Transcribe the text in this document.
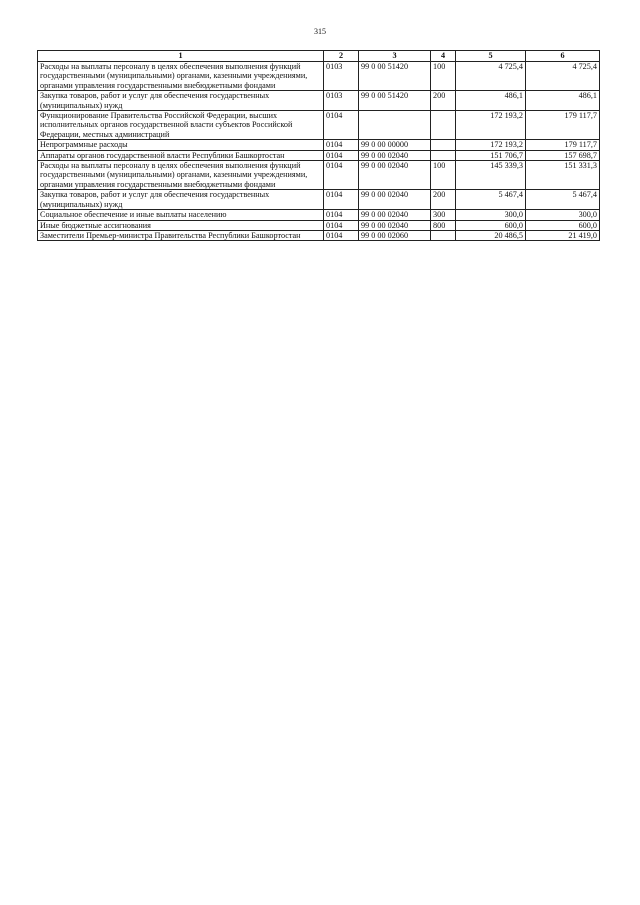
315
1	2	3	4	5	6
Расходы на выплаты персоналу в целях обеспечения выполнения функций государственными (муниципальными) органами, казенными учреждениями, органами управления государственными внебюджетными фондами	0103	99 0 00 51420	100	4 725,4	4 725,4
Закупка товаров, работ и услуг для обеспечения государственных (муниципальных) нужд	0103	99 0 00 51420	200	486,1	486,1
Функционирование Правительства Российской Федерации, высших исполнительных органов государственной власти субъектов Российской Федерации, местных администраций	0104			172 193,2	179 117,7
Непрограммные расходы	0104	99 0 00 00000		172 193,2	179 117,7
Аппараты органов государственной власти Республики Башкортостан	0104	99 0 00 02040		151 706,7	157 698,7
Расходы на выплаты персоналу в целях обеспечения выполнения функций государственными (муниципальными) органами, казенными учреждениями, органами управления государственными внебюджетными фондами	0104	99 0 00 02040	100	145 339,3	151 331,3
Закупка товаров, работ и услуг для обеспечения государственных (муниципальных) нужд	0104	99 0 00 02040	200	5 467,4	5 467,4
Социальное обеспечение и иные выплаты населению	0104	99 0 00 02040	300	300,0	300,0
Иные бюджетные ассигнования	0104	99 0 00 02040	800	600,0	600,0
Заместители Премьер-министра Правительства Республики Башкортостан	0104	99 0 00 02060		20 486,5	21 419,0
